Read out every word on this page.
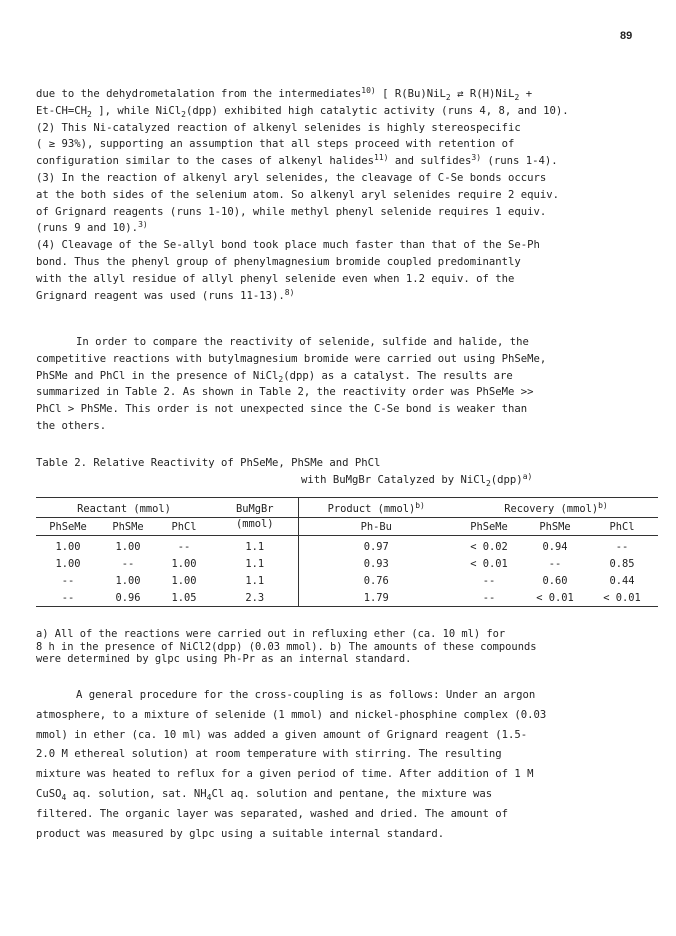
89
due to the dehydrometalation from the intermediates$^{10)}$ [ R(Bu)NiL$_2$ ⇄ R(H)NiL$_2$ +
$Et-CH=CH_2$ ], while NiCl$_2$(dpp) exhibited high catalytic activity (runs 4, 8, and 10).
(2) This Ni-catalyzed reaction of alkenyl selenides is highly stereospecific
( ≥ 93%), supporting an assumption that all steps proceed with retention of
configuration similar to the cases of alkenyl halides$^{11)}$ and sulfides$^{3)}$ (runs 1-4).
(3) In the reaction of alkenyl aryl selenides, the cleavage of C-Se bonds occurs
at the both sides of the selenium atom. So alkenyl aryl selenides require 2 equiv.
of Grignard reagents (runs 1-10), while methyl phenyl selenide requires 1 equiv.
(runs 9 and 10).$^{3)}$
(4) Cleavage of the Se-allyl bond took place much faster than that of the Se-Ph
bond. Thus the phenyl group of phenylmagnesium bromide coupled predominantly
with the allyl residue of allyl phenyl selenide even when 1.2 equiv. of the
Grignard reagent was used (runs 11-13).$^{8)}$
In order to compare the reactivity of selenide, sulfide and halide, the
competitive reactions with butylmagnesium bromide were carried out using PhSeMe,
PhSMe and PhCl in the presence of NiCl$_2$(dpp) as a catalyst. The results are
summarized in Table 2. As shown in Table 2, the reactivity order was PhSeMe >>
PhCl > PhSMe. This order is not unexpected since the C-Se bond is weaker than
the others.
Table 2. Relative Reactivity of PhSeMe, PhSMe and PhCl
with BuMgBr Catalyzed by NiCl$_2$(dpp)$^{a)}$
Reactant (mmol)			BuMgBr	Product (mmol)$^{b)}$	Recovery (mmol)$^{b)}$
PhSeMe	PhSMe	PhCl	(mmol)	Ph-Bu	PhSeMe	PhSMe	PhCl

1.00	1.00	--	1.1	0.97	< 0.02	0.94	--
1.00	--	1.00	1.1	0.93	< 0.01	--	0.85
--	1.00	1.00	1.1	0.76	--	0.60	0.44
--	0.96	1.05	2.3	1.79	--	< 0.01	< 0.01
a) All of the reactions were carried out in refluxing ether (ca. 10 ml) for
8 h in the presence of NiCl2(dpp) (0.03 mmol). b) The amounts of these compounds
were determined by glpc using Ph-Pr as an internal standard.
A general procedure for the cross-coupling is as follows: Under an argon
atmosphere, to a mixture of selenide (1 mmol) and nickel-phosphine complex (0.03
mmol) in ether (ca. 10 ml) was added a given amount of Grignard reagent (1.5-
2.0 M ethereal solution) at room temperature with stirring. The resulting
mixture was heated to reflux for a given period of time. After addition of 1 M
CuSO$_4$ aq. solution, sat. $NH_4Cl$ aq. solution and pentane, the mixture was
filtered. The organic layer was separated, washed and dried. The amount of
product was measured by glpc using a suitable internal standard.
